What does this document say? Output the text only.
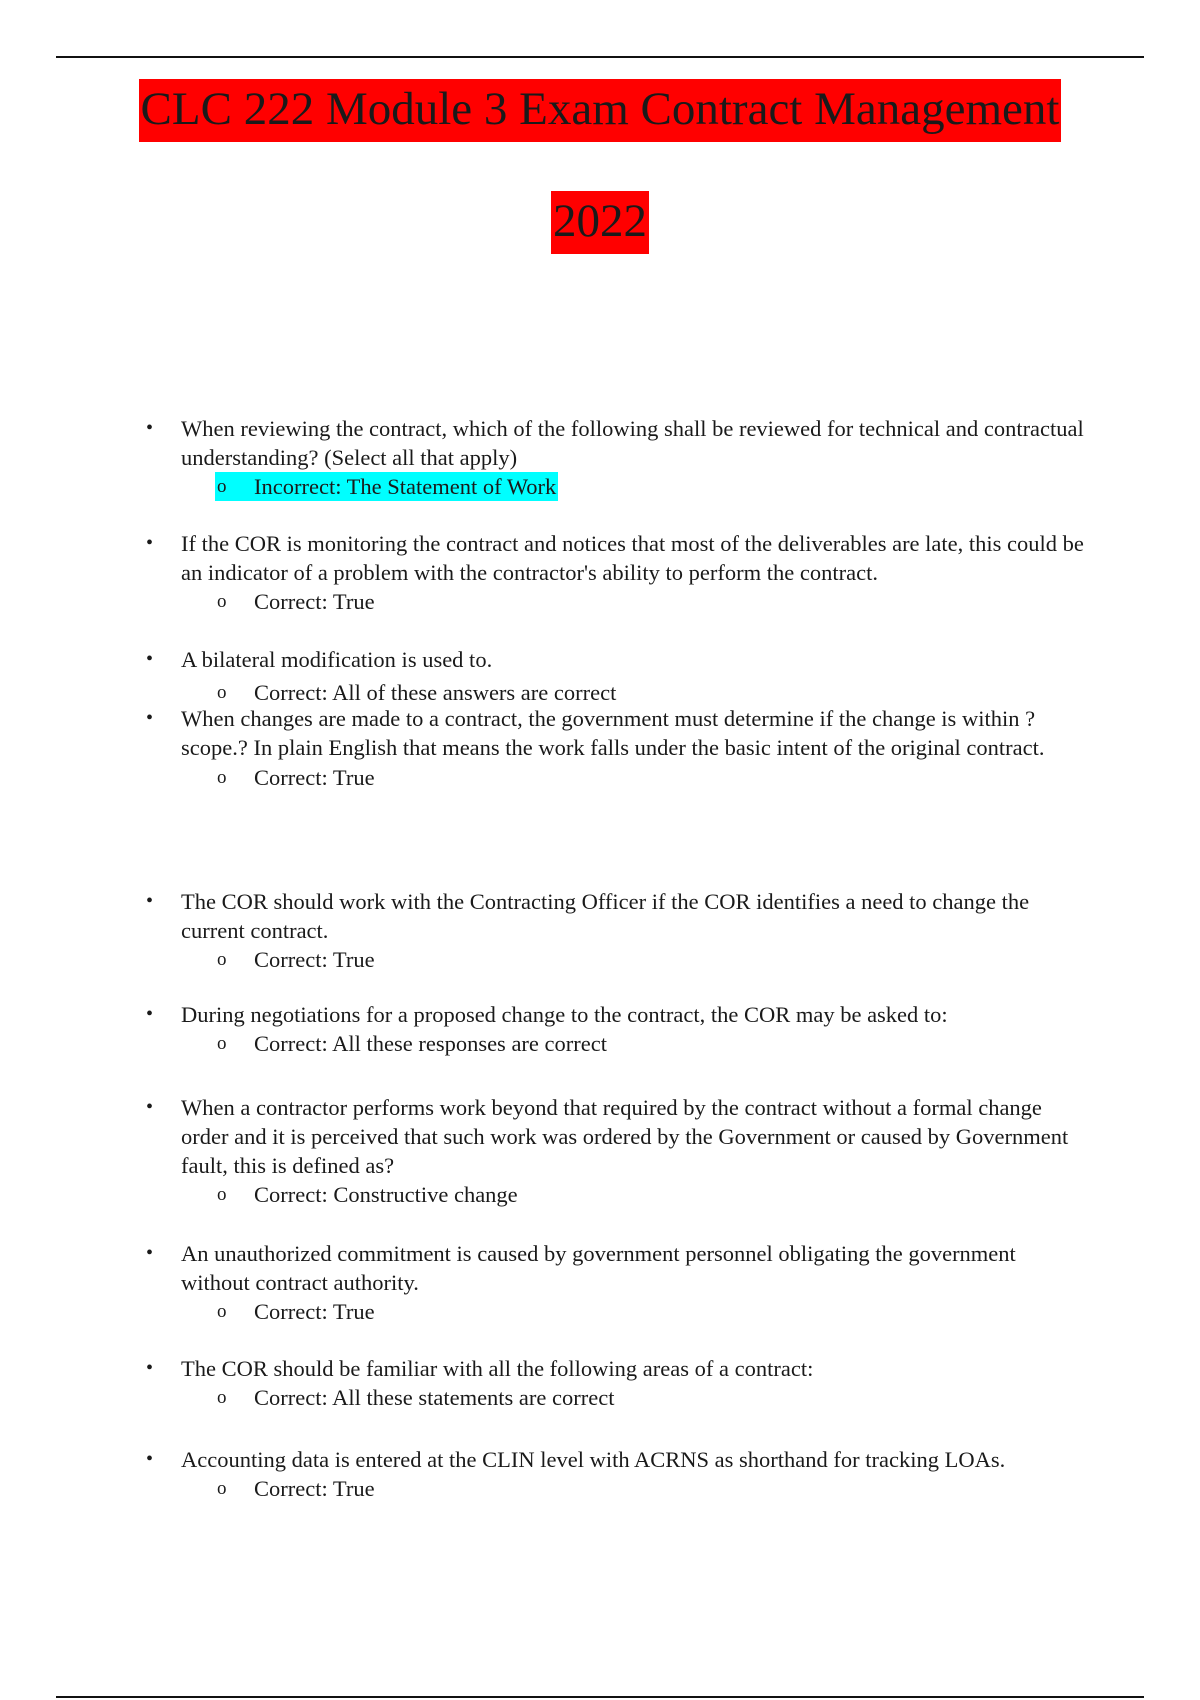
CLC 222 Module 3 Exam Contract Management
2022
• When reviewing the contract, which of the following shall be reviewed for technical and contractual understanding? (Select all that apply)
o Incorrect: The Statement of Work
• If the COR is monitoring the contract and notices that most of the deliverables are late, this could be an indicator of a problem with the contractor's ability to perform the contract.
o Correct: True
• A bilateral modification is used to.
o Correct: All of these answers are correct
• When changes are made to a contract, the government must determine if the change is within ?scope.? In plain English that means the work falls under the basic intent of the original contract.
o Correct: True
• The COR should work with the Contracting Officer if the COR identifies a need to change the current contract.
o Correct: True
• During negotiations for a proposed change to the contract, the COR may be asked to:
o Correct: All these responses are correct
• When a contractor performs work beyond that required by the contract without a formal change order and it is perceived that such work was ordered by the Government or caused by Government fault, this is defined as?
o Correct: Constructive change
• An unauthorized commitment is caused by government personnel obligating the government without contract authority.
o Correct: True
• The COR should be familiar with all the following areas of a contract:
o Correct: All these statements are correct
• Accounting data is entered at the CLIN level with ACRNS as shorthand for tracking LOAs.
o Correct: True
